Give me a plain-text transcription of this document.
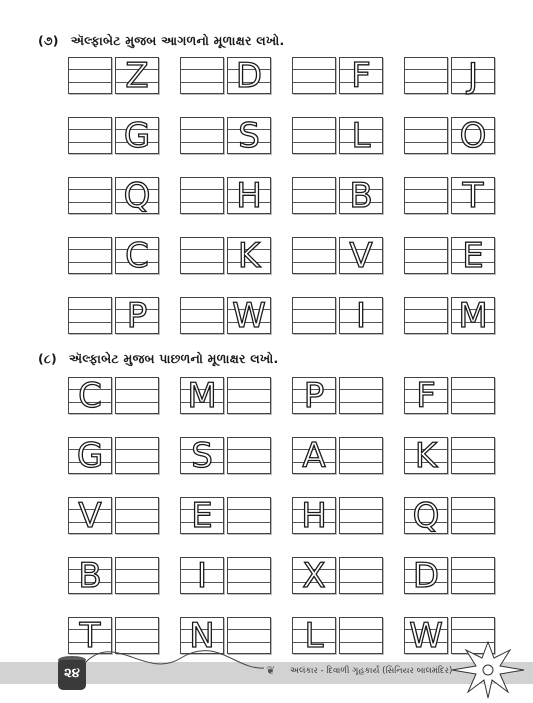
(૭) ઍલ્ફાબેટ મુજબ આગળનો મૂળાક્ષર લખો.
Z	D	F	J
G	S	L	O
Q	H	B	T
C	K	V	E
P	W	I	M
(૮) ઍલ્ફાબેટ મુજબ પાછળનો મૂળાક્ષર લખો.
C	M	P	F
G	S	A	K
V	E	H	Q
B	I	X	D
T	N	L	W
૨૪	❦ અલંકાર - દિવાળી ગૃહકાર્ય (સિનિયર બાલમંદિર)
